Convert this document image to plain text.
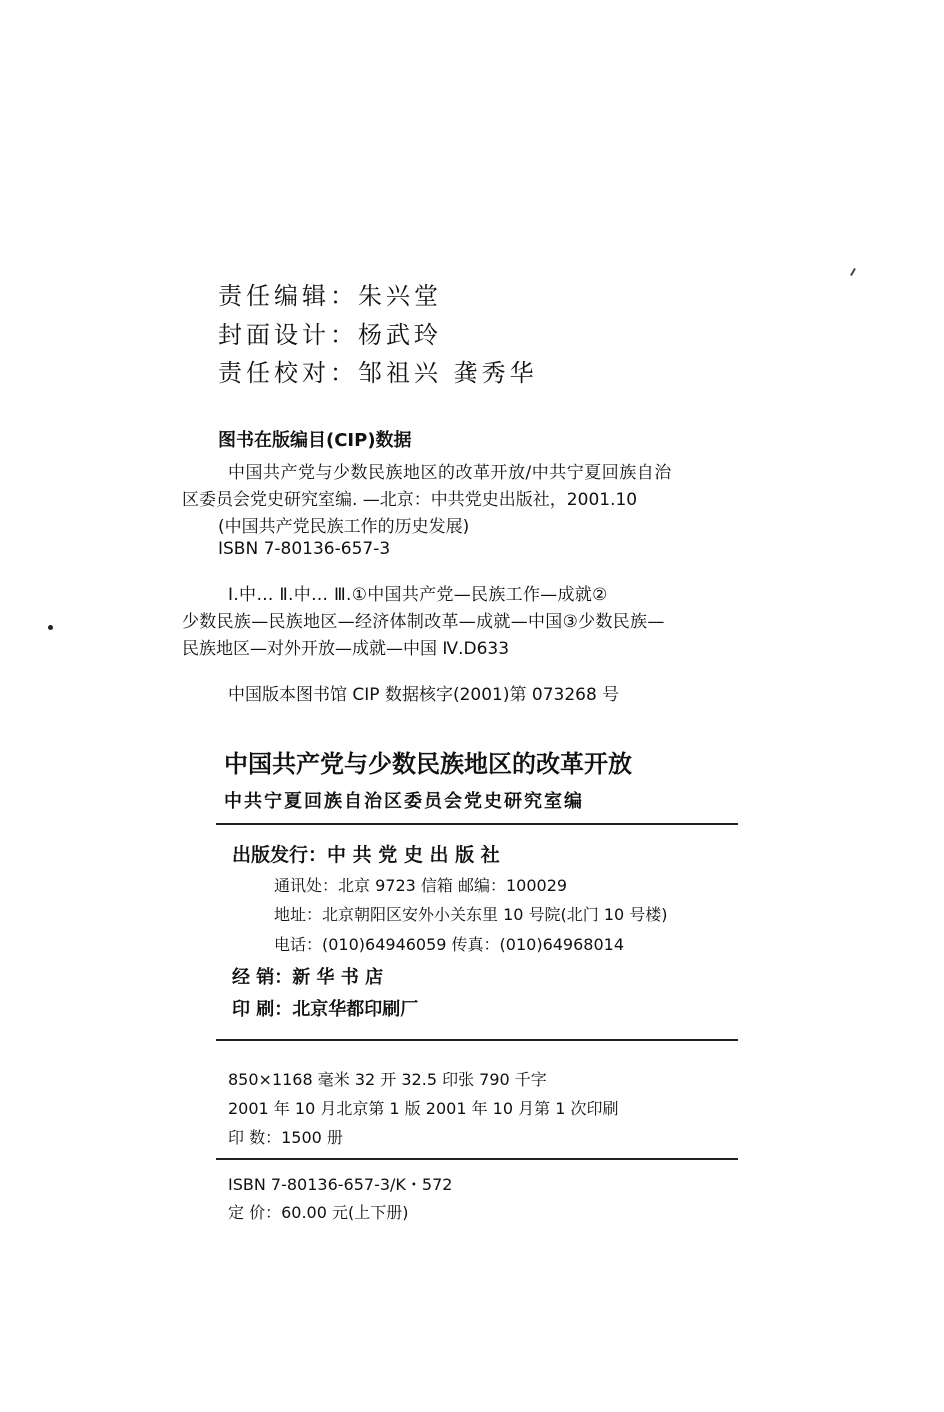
责任编辑：朱兴堂
封面设计：杨武玲
责任校对：邹祖兴 龚秀华
图书在版编目(CIP)数据
中国共产党与少数民族地区的改革开放/中共宁夏回族自治
区委员会党史研究室编. —北京：中共党史出版社，2001.10
(中国共产党民族工作的历史发展)
ISBN 7-80136-657-3
Ⅰ.中… Ⅱ.中… Ⅲ.①中国共产党—民族工作—成就②
少数民族—民族地区—经济体制改革—成就—中国③少数民族—
民族地区—对外开放—成就—中国 Ⅳ.D633
中国版本图书馆 CIP 数据核字(2001)第 073268 号
中国共产党与少数民族地区的改革开放
中共宁夏回族自治区委员会党史研究室编
出版发行：中 共 党 史 出 版 社
通讯处：北京 9723 信箱 邮编：100029
地址：北京朝阳区安外小关东里 10 号院(北门 10 号楼)
电话：(010)64946059 传真：(010)64968014
经 销：新 华 书 店
印 刷：北京华都印刷厂
850×1168 毫米 32 开 32.5 印张 790 千字
2001 年 10 月北京第 1 版 2001 年 10 月第 1 次印刷
印 数：1500 册
ISBN 7-80136-657-3/K・572
定 价：60.00 元(上下册)
